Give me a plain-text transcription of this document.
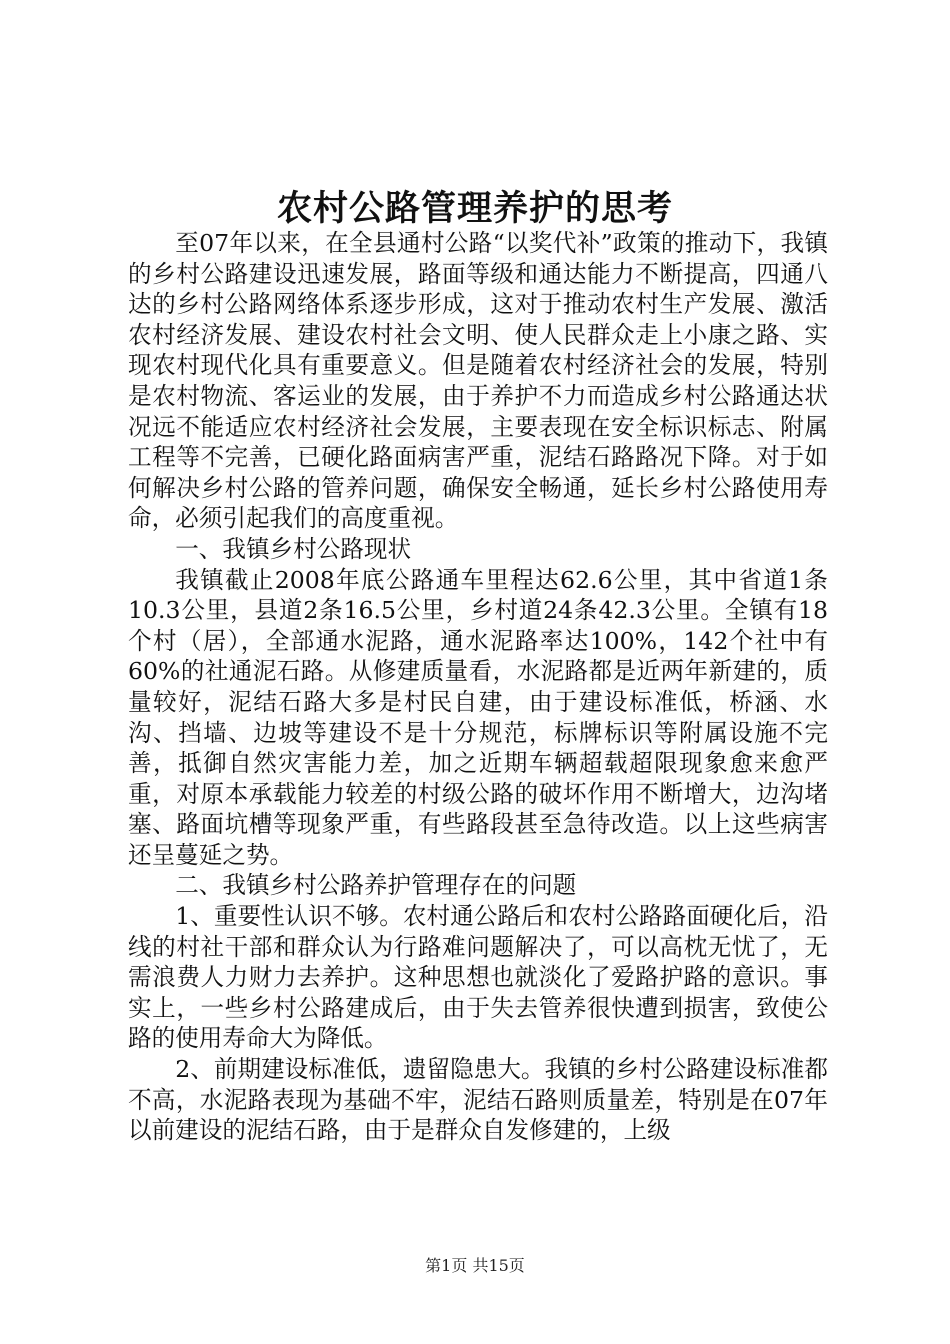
农村公路管理养护的思考

至07年以来，在全县通村公路“以奖代补”政策的推动下，我镇的乡村公路建设迅速发展，路面等级和通达能力不断提高，四通八达的乡村公路网络体系逐步形成，这对于推动农村生产发展、激活农村经济发展、建设农村社会文明、使人民群众走上小康之路、实现农村现代化具有重要意义。但是随着农村经济社会的发展，特别是农村物流、客运业的发展，由于养护不力而造成乡村公路通达状况远不能适应农村经济社会发展，主要表现在安全标识标志、附属工程等不完善，已硬化路面病害严重，泥结石路路况下降。对于如何解决乡村公路的管养问题，确保安全畅通，延长乡村公路使用寿命，必须引起我们的高度重视。

一、我镇乡村公路现状

我镇截止2008年底公路通车里程达62.6公里，其中省道1条10.3公里，县道2条16.5公里，乡村道24条42.3公里。全镇有18个村（居），全部通水泥路，通水泥路率达100%，142个社中有60%的社通泥石路。从修建质量看，水泥路都是近两年新建的，质量较好，泥结石路大多是村民自建，由于建设标准低，桥涵、水沟、挡墙、边坡等建设不是十分规范，标牌标识等附属设施不完善，抵御自然灾害能力差，加之近期车辆超载超限现象愈来愈严重，对原本承载能力较差的村级公路的破坏作用不断增大，边沟堵塞、路面坑槽等现象严重，有些路段甚至急待改造。以上这些病害还呈蔓延之势。

二、我镇乡村公路养护管理存在的问题

1、重要性认识不够。农村通公路后和农村公路路面硬化后，沿线的村社干部和群众认为行路难问题解决了，可以高枕无忧了，无需浪费人力财力去养护。这种思想也就淡化了爱路护路的意识。事实上，一些乡村公路建成后，由于失去管养很快遭到损害，致使公路的使用寿命大为降低。

2、前期建设标准低，遗留隐患大。我镇的乡村公路建设标准都不高，水泥路表现为基础不牢，泥结石路则质量差，特别是在07年以前建设的泥结石路，由于是群众自发修建的，上级

第1页 共15页
